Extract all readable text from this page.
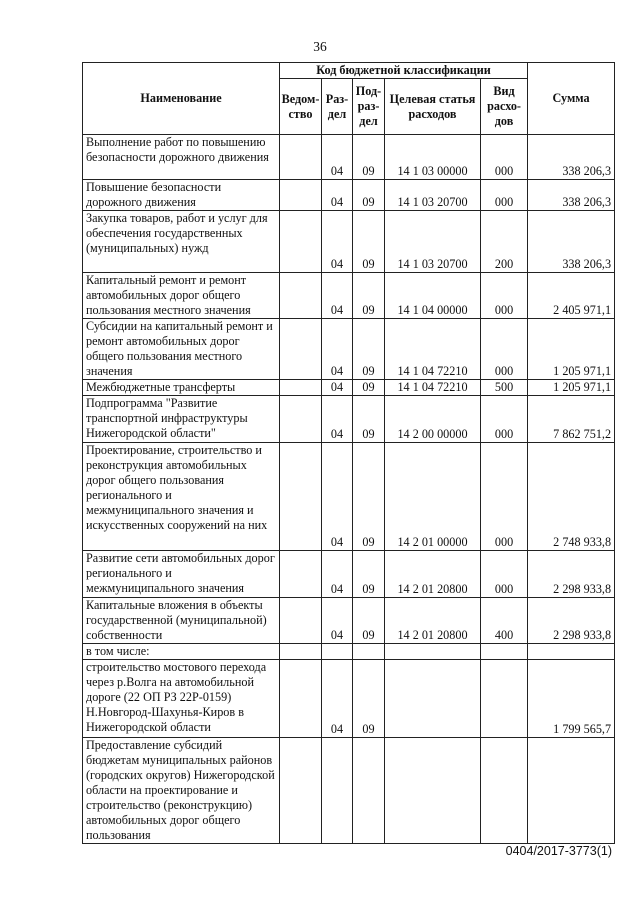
36
Наименование	Код бюджетной классификации					Сумма
	Ведом-ство	Раз-дел	Под-раз-дел	Целевая статья расходов	Вид расхо-дов	
Выполнение работ по повышению безопасности дорожного движения		04	09	14 1 03 00000	000	338 206,3
Повышение безопасности дорожного движения		04	09	14 1 03 20700	000	338 206,3
Закупка товаров, работ и услуг для обеспечения государственных (муниципальных) нужд		04	09	14 1 03 20700	200	338 206,3
Капитальный ремонт и ремонт автомобильных дорог общего пользования местного значения		04	09	14 1 04 00000	000	2 405 971,1
Субсидии на капитальный ремонт и ремонт автомобильных дорог общего пользования местного значения		04	09	14 1 04 72210	000	1 205 971,1
Межбюджетные трансферты		04	09	14 1 04 72210	500	1 205 971,1
Подпрограмма "Развитие транспортной инфраструктуры Нижегородской области"		04	09	14 2 00 00000	000	7 862 751,2
Проектирование, строительство и реконструкция автомобильных дорог общего пользования регионального и межмуниципального значения и искусственных сооружений на них		04	09	14 2 01 00000	000	2 748 933,8
Развитие сети автомобильных дорог регионального и межмуниципального значения		04	09	14 2 01 20800	000	2 298 933,8
Капитальные вложения в объекты государственной (муниципальной) собственности		04	09	14 2 01 20800	400	2 298 933,8
в том числе:						
строительство мостового перехода через р.Волга на автомобильной дороге (22 ОП РЗ 22Р-0159) Н.Новгород-Шахунья-Киров в Нижегородской области		04	09			1 799 565,7
Предоставление субсидий бюджетам муниципальных районов (городских округов) Нижегородской области на проектирование и строительство (реконструкцию) автомобильных дорог общего пользования						
0404/2017-3773(1)
